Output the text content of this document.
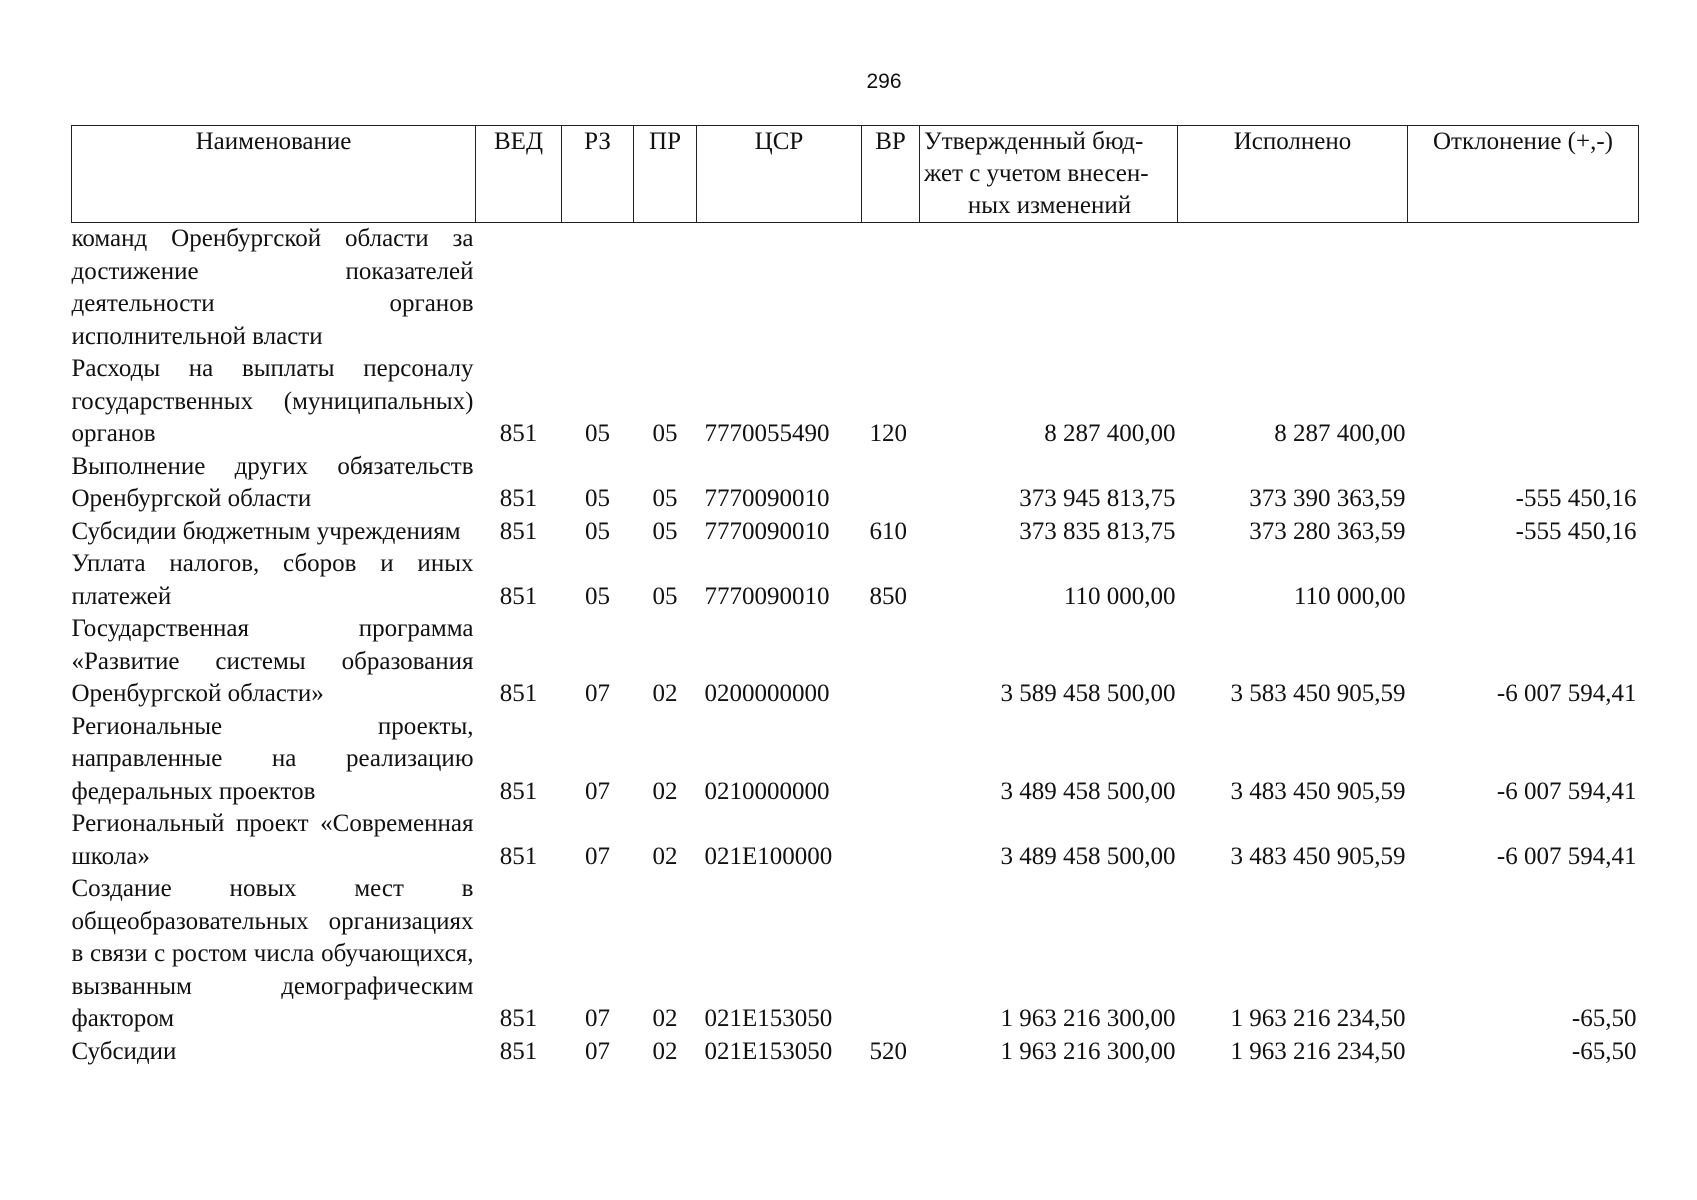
296
Наименование	ВЕД	РЗ	ПР	ЦСР	ВР	Утвержденный бюд-
жет с учетом внесен-
ных изменений	Исполнено	Отклонение (+,-)
команд Оренбургской области за достижение показателей деятельности органов исполнительной власти								
Расходы на выплаты персоналу государственных (муниципальных) органов	851	05	05	7770055490	120	8 287 400,00	8 287 400,00	
Выполнение других обязательств Оренбургской области	851	05	05	7770090010		373 945 813,75	373 390 363,59	-555 450,16
Субсидии бюджетным учреждениям	851	05	05	7770090010	610	373 835 813,75	373 280 363,59	-555 450,16
Уплата налогов, сборов и иных платежей	851	05	05	7770090010	850	110 000,00	110 000,00	
Государственная программа «Развитие системы образования Оренбургской области»	851	07	02	0200000000		3 589 458 500,00	3 583 450 905,59	-6 007 594,41
Региональные проекты, направленные на реализацию федеральных проектов	851	07	02	0210000000		3 489 458 500,00	3 483 450 905,59	-6 007 594,41
Региональный проект «Современная школа»	851	07	02	021E100000		3 489 458 500,00	3 483 450 905,59	-6 007 594,41
Создание новых мест в общеобразовательных организациях в связи с ростом числа обучающихся, вызванным демографическим фактором	851	07	02	021E153050		1 963 216 300,00	1 963 216 234,50	-65,50
Субсидии	851	07	02	021E153050	520	1 963 216 300,00	1 963 216 234,50	-65,50
